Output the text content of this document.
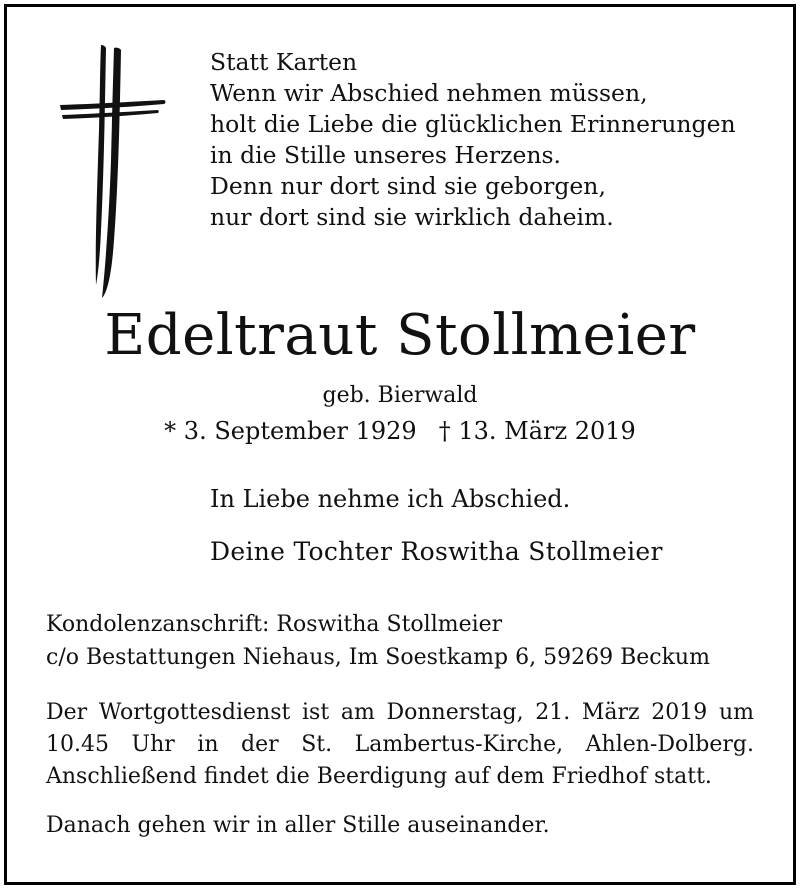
Statt Karten
Wenn wir Abschied nehmen müssen,
holt die Liebe die glücklichen Erinnerungen
in die Stille unseres Herzens.
Denn nur dort sind sie geborgen,
nur dort sind sie wirklich daheim.
Edeltraut Stollmeier
geb. Bierwald
* 3. September 1929 † 13. März 2019
In Liebe nehme ich Abschied.
Deine Tochter Roswitha Stollmeier
Kondolenzanschrift: Roswitha Stollmeier
c/o Bestattungen Niehaus, Im Soestkamp 6, 59269 Beckum
Der Wortgottesdienst ist am Donnerstag, 21. März 2019 um 10.45 Uhr in der St. Lambertus-Kirche, Ahlen-Dolberg. Anschließend findet die Beerdigung auf dem Friedhof statt.
Danach gehen wir in aller Stille auseinander.
